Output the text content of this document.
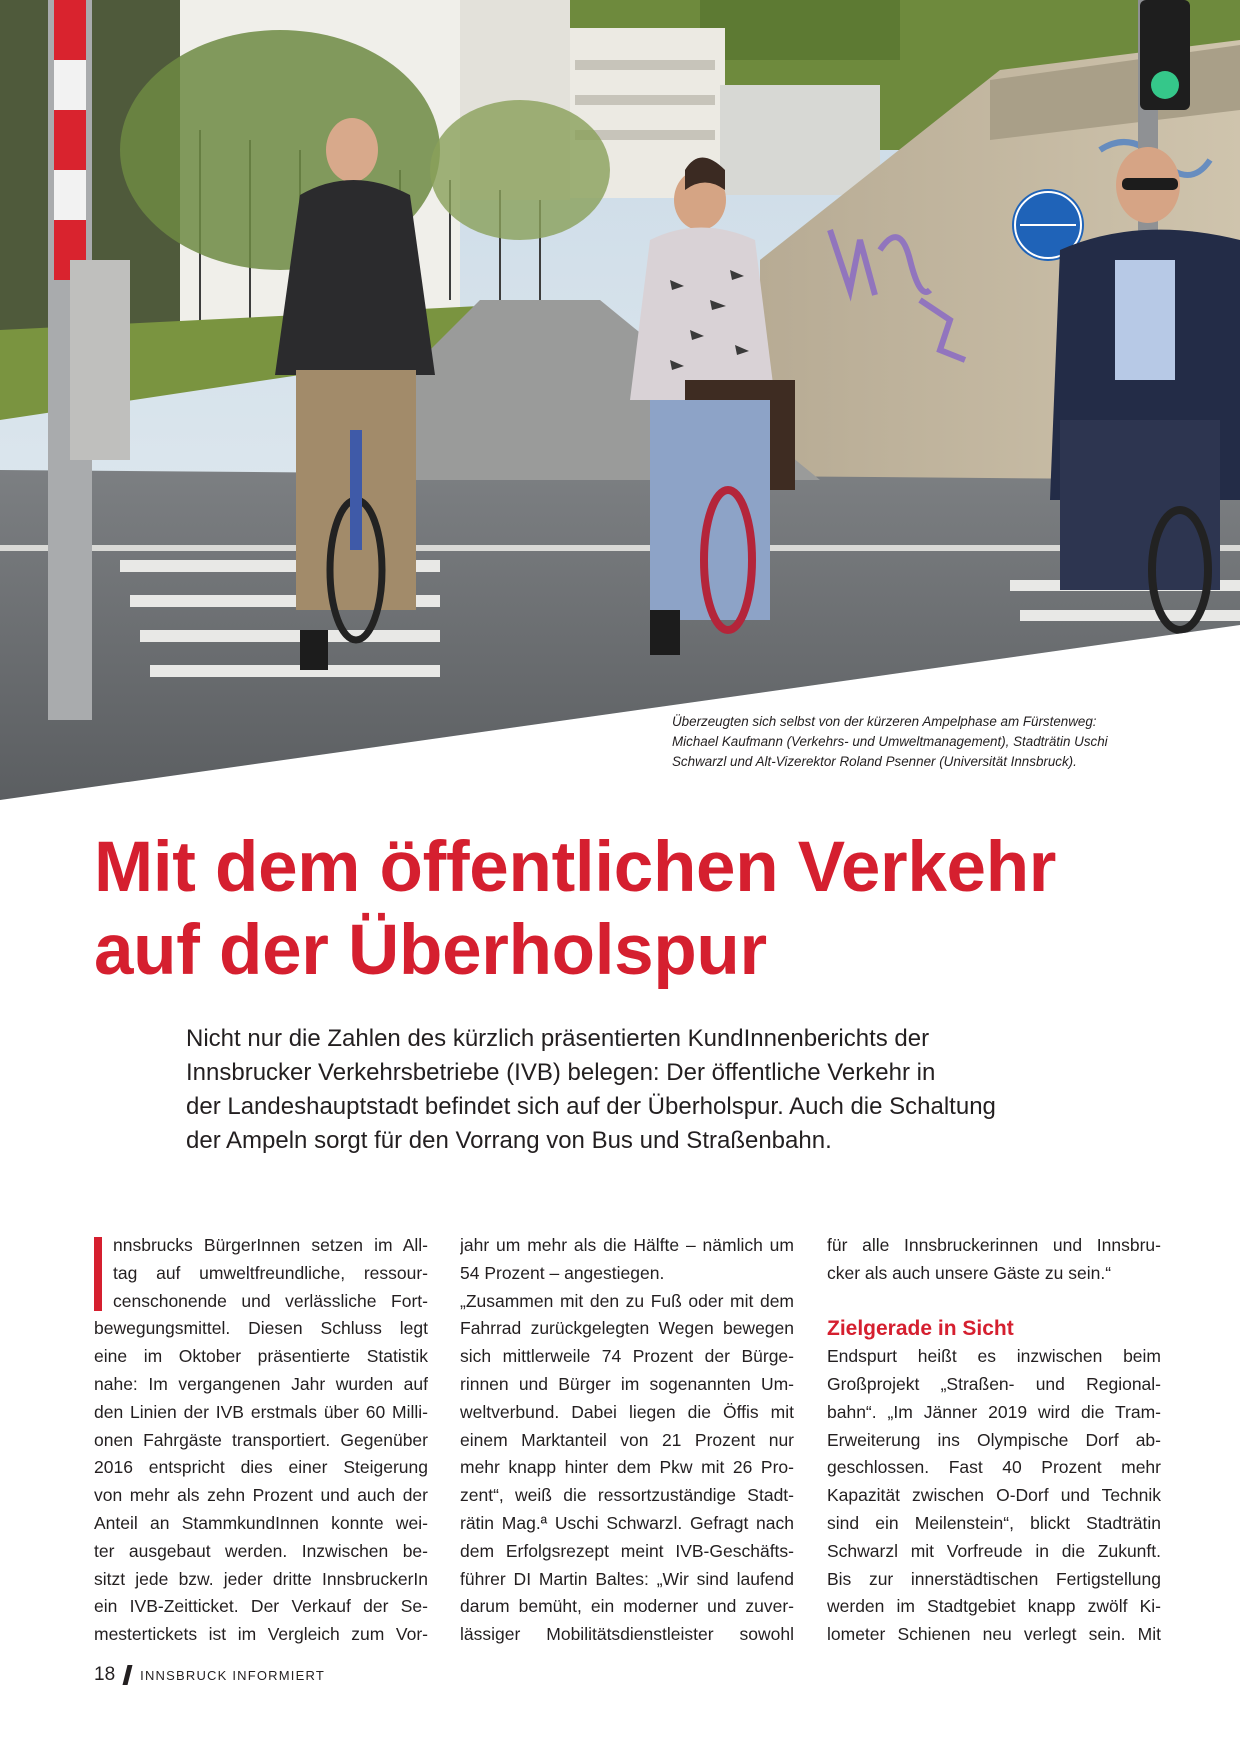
Überzeugten sich selbst von der kürzeren Ampelphase am Fürstenweg:
Michael Kaufmann (Verkehrs- und Umweltmanagement), Stadträtin Uschi
Schwarzl und Alt-Vizerektor Roland Psenner (Universität Innsbruck).
Mit dem öffentlichen Verkehr
auf der Überholspur
Nicht nur die Zahlen des kürzlich präsentierten KundInnenberichts der
Innsbrucker Verkehrsbetriebe (IVB) belegen: Der öffentliche Verkehr in
der Landeshauptstadt befindet sich auf der Überholspur. Auch die Schaltung
der Ampeln sorgt für den Vorrang von Bus und Straßenbahn.
nnsbrucks BürgerInnen setzen im All-
tag auf umweltfreundliche, ressour-
censchonende und verlässliche Fort-
bewegungsmittel. Diesen Schluss legt
eine im Oktober präsentierte Statistik
nahe: Im vergangenen Jahr wurden auf
den Linien der IVB erstmals über 60 Milli-
onen Fahrgäste transportiert. Gegenüber
2016 entspricht dies einer Steigerung
von mehr als zehn Prozent und auch der
Anteil an StammkundInnen konnte wei-
ter ausgebaut werden. Inzwischen be-
sitzt jede bzw. jeder dritte InnsbruckerIn
ein IVB-Zeitticket. Der Verkauf der Se-
mestertickets ist im Vergleich zum Vor-
jahr um mehr als die Hälfte – nämlich um
54 Prozent – angestiegen.
„Zusammen mit den zu Fuß oder mit dem
Fahrrad zurückgelegten Wegen bewegen
sich mittlerweile 74 Prozent der Bürge-
rinnen und Bürger im sogenannten Um-
weltverbund. Dabei liegen die Öffis mit
einem Marktanteil von 21 Prozent nur
mehr knapp hinter dem Pkw mit 26 Pro-
zent“, weiß die ressortzuständige Stadt-
rätin Mag.ª Uschi Schwarzl. Gefragt nach
dem Erfolgsrezept meint IVB-Geschäfts-
führer DI Martin Baltes: „Wir sind laufend
darum bemüht, ein moderner und zuver-
lässiger Mobilitätsdienstleister sowohl
für alle Innsbruckerinnen und Innsbru-
cker als auch unsere Gäste zu sein.“
Zielgerade in Sicht
Endspurt heißt es inzwischen beim
Großprojekt „Straßen- und Regional-
bahn“. „Im Jänner 2019 wird die Tram-
Erweiterung ins Olympische Dorf ab-
geschlossen. Fast 40 Prozent mehr
Kapazität zwischen O-Dorf und Technik
sind ein Meilenstein“, blickt Stadträtin
Schwarzl mit Vorfreude in die Zukunft.
Bis zur innerstädtischen Fertigstellung
werden im Stadtgebiet knapp zwölf Ki-
lometer Schienen neu verlegt sein. Mit
18 INNSBRUCK INFORMIERT
